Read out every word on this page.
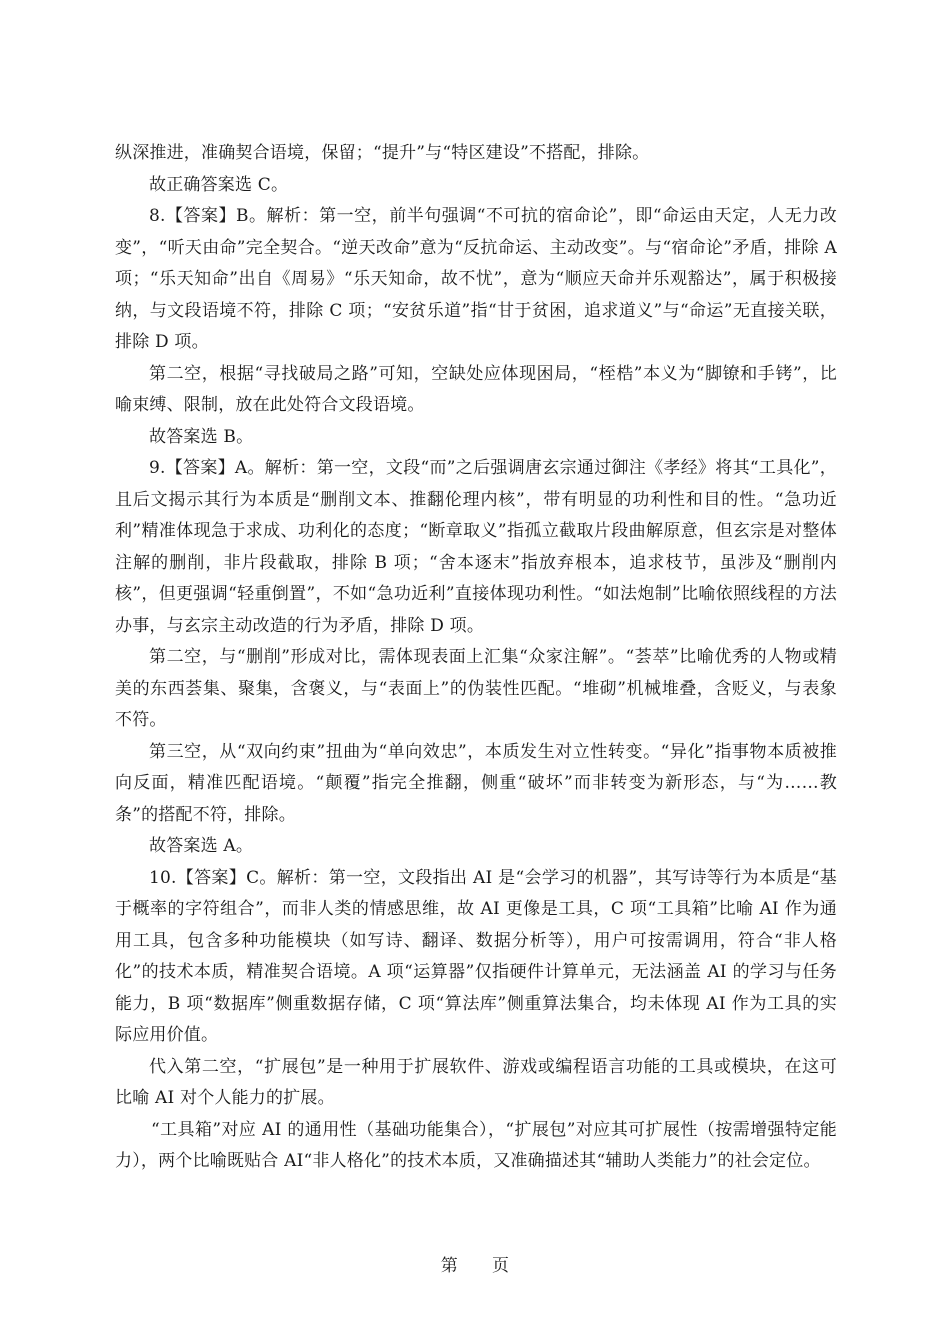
纵深推进，准确契合语境，保留；“提升”与“特区建设”不搭配，排除。

故正确答案选 C。

8.【答案】B。解析：第一空，前半句强调“不可抗的宿命论”，即“命运由天定，人无力改变”，“听天由命”完全契合。“逆天改命”意为“反抗命运、主动改变”。与“宿命论”矛盾，排除 A 项；“乐天知命”出自《周易》“乐天知命，故不忧”，意为“顺应天命并乐观豁达”，属于积极接纳，与文段语境不符，排除 C 项；“安贫乐道”指“甘于贫困，追求道义”与“命运”无直接关联，排除 D 项。

第二空，根据“寻找破局之路”可知，空缺处应体现困局，“桎梏”本义为“脚镣和手铐”，比喻束缚、限制，放在此处符合文段语境。

故答案选 B。

9.【答案】A。解析：第一空，文段“而”之后强调唐玄宗通过御注《孝经》将其“工具化”，且后文揭示其行为本质是“删削文本、推翻伦理内核”，带有明显的功利性和目的性。“急功近利”精准体现急于求成、功利化的态度；“断章取义”指孤立截取片段曲解原意，但玄宗是对整体注解的删削，非片段截取，排除 B 项；“舍本逐末”指放弃根本，追求枝节，虽涉及“删削内核”，但更强调“轻重倒置”，不如“急功近利”直接体现功利性。“如法炮制”比喻依照线程的方法办事，与玄宗主动改造的行为矛盾，排除 D 项。

第二空，与“删削”形成对比，需体现表面上汇集“众家注解”。“荟萃”比喻优秀的人物或精美的东西荟集、聚集，含褒义，与“表面上”的伪装性匹配。“堆砌”机械堆叠，含贬义，与表象不符。

第三空，从“双向约束”扭曲为“单向效忠”，本质发生对立性转变。“异化”指事物本质被推向反面，精准匹配语境。“颠覆”指完全推翻，侧重“破坏”而非转变为新形态，与“为……教条”的搭配不符，排除。

故答案选 A。

10.【答案】C。解析：第一空，文段指出 AI 是“会学习的机器”，其写诗等行为本质是“基于概率的字符组合”，而非人类的情感思维，故 AI 更像是工具，C 项“工具箱”比喻 AI 作为通用工具，包含多种功能模块（如写诗、翻译、数据分析等），用户可按需调用，符合“非人格化”的技术本质，精准契合语境。A 项“运算器”仅指硬件计算单元，无法涵盖 AI 的学习与任务能力，B 项“数据库”侧重数据存储，C 项“算法库”侧重算法集合，均未体现 AI 作为工具的实际应用价值。

代入第二空，“扩展包”是一种用于扩展软件、游戏或编程语言功能的工具或模块，在这可比喻 AI 对个人能力的扩展。

“工具箱”对应 AI 的通用性（基础功能集合），“扩展包”对应其可扩展性（按需增强特定能力），两个比喻既贴合 AI“非人格化”的技术本质，又准确描述其“辅助人类能力”的社会定位。

第 页
